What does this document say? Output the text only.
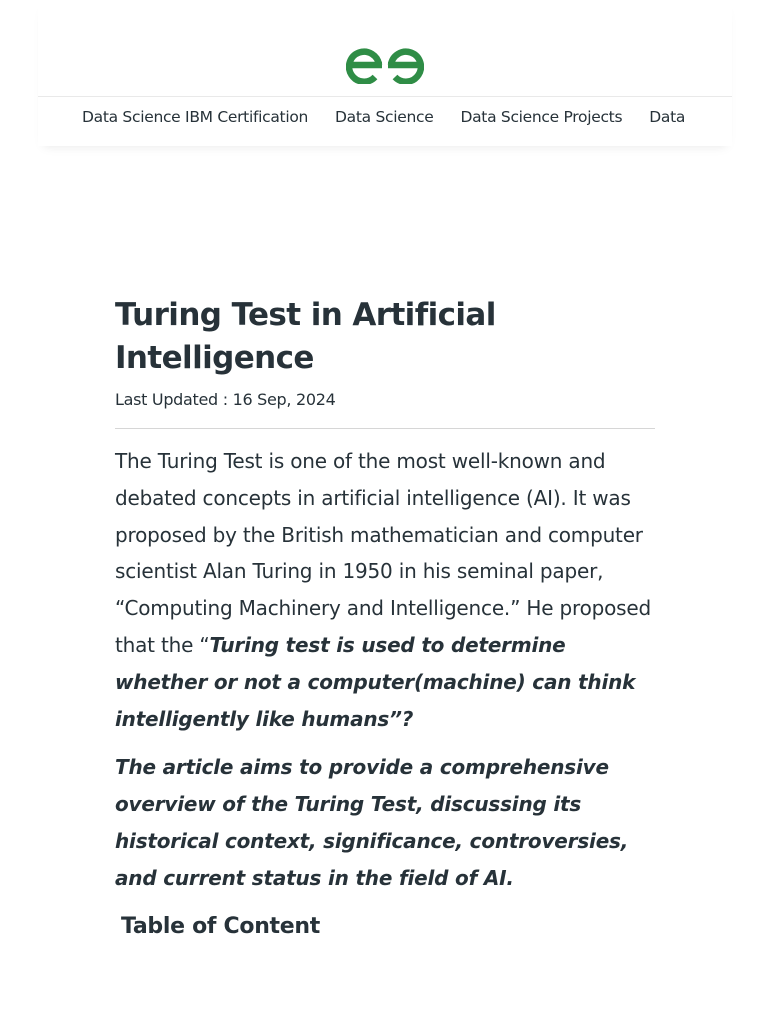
Data Science IBM Certification Data Science Data Science Projects Data
Turing Test in Artificial Intelligence
Last Updated : 16 Sep, 2024

The Turing Test is one of the most well-known and debated concepts in artificial intelligence (AI). It was proposed by the British mathematician and computer scientist Alan Turing in 1950 in his seminal paper, “Computing Machinery and Intelligence.” He proposed that the “Turing test is used to determine whether or not a computer(machine) can think intelligently like humans”?

The article aims to provide a comprehensive overview of the Turing Test, discussing its historical context, significance, controversies, and current status in the field of AI.

Table of Content
